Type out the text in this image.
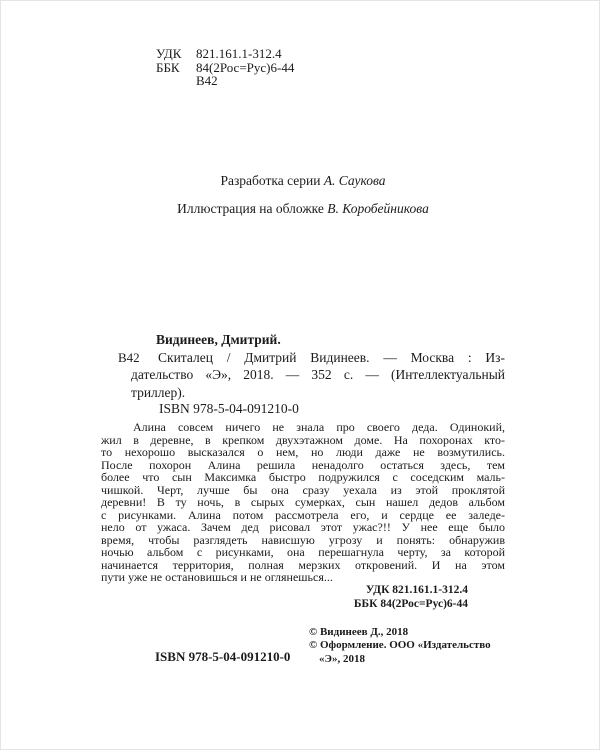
УДК 821.161.1-312.4
ББК 84(2Рос=Рус)6-44
В42
Разработка серии А. Саукова
Иллюстрация на обложке В. Коробейникова
Видинеев, Дмитрий.
В42	Скиталец / Дмитрий Видинеев. — Москва : Из-
дательство «Э», 2018. — 352 с. — (Интеллектуальный
триллер).
ISBN 978-5-04-091210-0
Алина совсем ничего не знала про своего деда. Одинокий,
жил в деревне, в крепком двухэтажном доме. На похоронах кто-
то нехорошо высказался о нем, но люди даже не возмутились.
После похорон Алина решила ненадолго остаться здесь, тем
более что сын Максимка быстро подружился с соседским маль-
чишкой. Черт, лучше бы она сразу уехала из этой проклятой
деревни! В ту ночь, в сырых сумерках, сын нашел дедов альбом
с рисунками. Алина потом рассмотрела его, и сердце ее заледе-
нело от ужаса. Зачем дед рисовал этот ужас?!! У нее еще было
время, чтобы разглядеть нависшую угрозу и понять: обнаружив
ночью альбом с рисунками, она перешагнула черту, за которой
начинается территория, полная мерзких откровений. И на этом
пути уже не остановишься и не оглянешься...
УДК 821.161.1-312.4
ББК 84(2Рос=Рус)6-44
© Видинеев Д., 2018
© Оформление. ООО «Издательство «Э», 2018
ISBN 978-5-04-091210-0
